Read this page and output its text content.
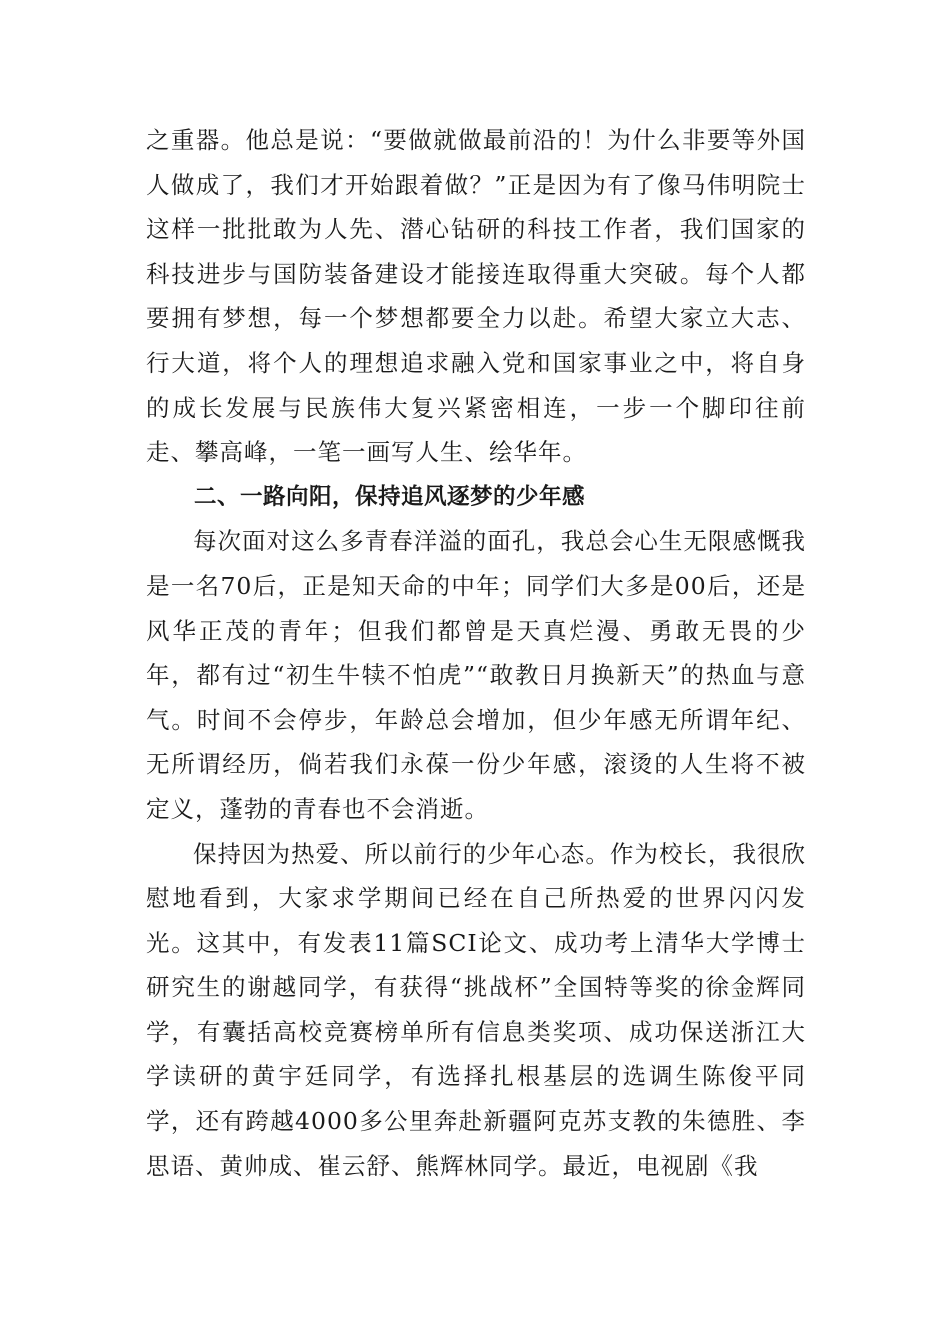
之重器。他总是说：“要做就做最前沿的！为什么非要等外国人做成了，我们才开始跟着做？”正是因为有了像马伟明院士这样一批批敢为人先、潜心钻研的科技工作者，我们国家的科技进步与国防装备建设才能接连取得重大突破。每个人都要拥有梦想，每一个梦想都要全力以赴。希望大家立大志、行大道，将个人的理想追求融入党和国家事业之中，将自身的成长发展与民族伟大复兴紧密相连，一步一个脚印往前走、攀高峰，一笔一画写人生、绘华年。

二、一路向阳，保持追风逐梦的少年感

每次面对这么多青春洋溢的面孔，我总会心生无限感慨我是一名70后，正是知天命的中年；同学们大多是00后，还是风华正茂的青年；但我们都曾是天真烂漫、勇敢无畏的少年，都有过“初生牛犊不怕虎”“敢教日月换新天”的热血与意气。时间不会停步，年龄总会增加，但少年感无所谓年纪、无所谓经历，倘若我们永葆一份少年感，滚烫的人生将不被定义，蓬勃的青春也不会消逝。

保持因为热爱、所以前行的少年心态。作为校长，我很欣慰地看到，大家求学期间已经在自己所热爱的世界闪闪发光。这其中，有发表11篇SCI论文、成功考上清华大学博士研究生的谢越同学，有获得“挑战杯”全国特等奖的徐金辉同学，有囊括高校竞赛榜单所有信息类奖项、成功保送浙江大学读研的黄宇廷同学，有选择扎根基层的选调生陈俊平同学，还有跨越4000多公里奔赴新疆阿克苏支教的朱德胜、李思语、黄帅成、崔云舒、熊辉林同学。最近，电视剧《我
